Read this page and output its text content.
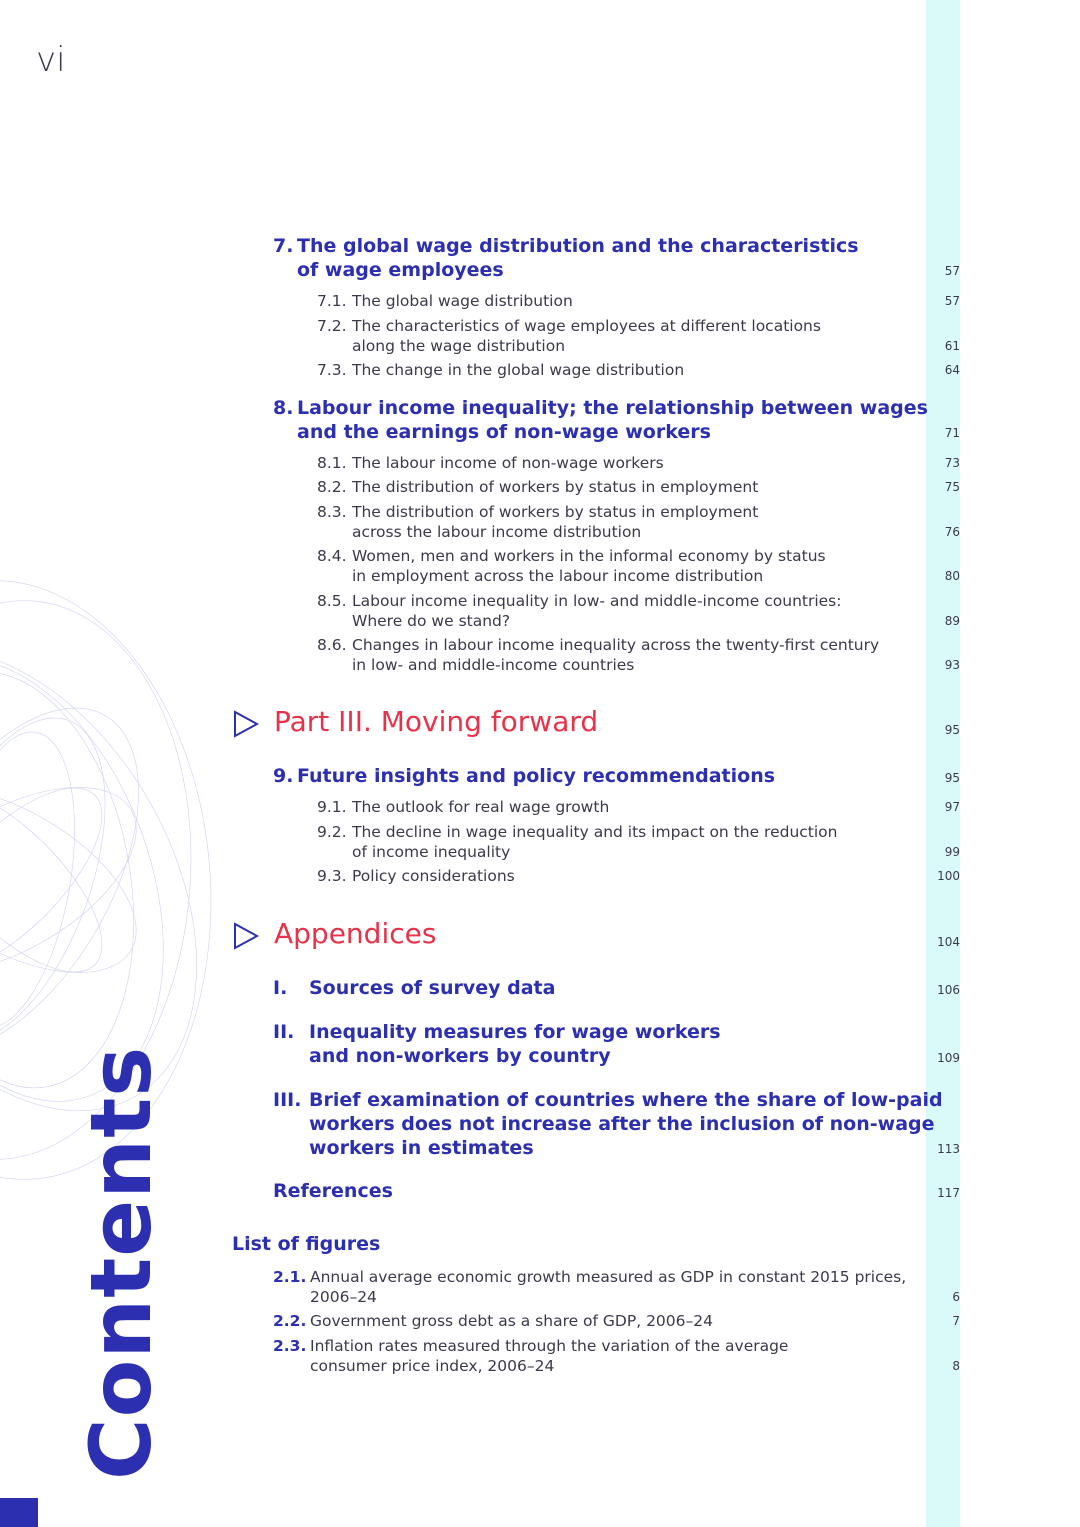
vi
7. The global wage distribution and the characteristics
of wage employees	57
7.1. The global wage distribution	57
7.2. The characteristics of wage employees at different locations
along the wage distribution	61
7.3. The change in the global wage distribution	64
8. Labour income inequality; the relationship between wages
and the earnings of non-wage workers	71
8.1. The labour income of non-wage workers	73
8.2. The distribution of workers by status in employment	75
8.3. The distribution of workers by status in employment
across the labour income distribution	76
8.4. Women, men and workers in the informal economy by status
in employment across the labour income distribution	80
8.5. Labour income inequality in low- and middle-income countries:
Where do we stand?	89
8.6. Changes in labour income inequality across the twenty-first century
in low- and middle-income countries	93
Part III. Moving forward	95
9. Future insights and policy recommendations	95
9.1. The outlook for real wage growth	97
9.2. The decline in wage inequality and its impact on the reduction
of income inequality	99
9.3. Policy considerations	100
Appendices	104
I. Sources of survey data	106
II. Inequality measures for wage workers
and non-workers by country	109
III. Brief examination of countries where the share of low-paid
workers does not increase after the inclusion of non-wage
workers in estimates	113
References	117
List of figures
2.1. Annual average economic growth measured as GDP in constant 2015 prices,
2006–24	6
2.2. Government gross debt as a share of GDP, 2006–24	7
2.3. Inflation rates measured through the variation of the average
consumer price index, 2006–24	8
Contents
